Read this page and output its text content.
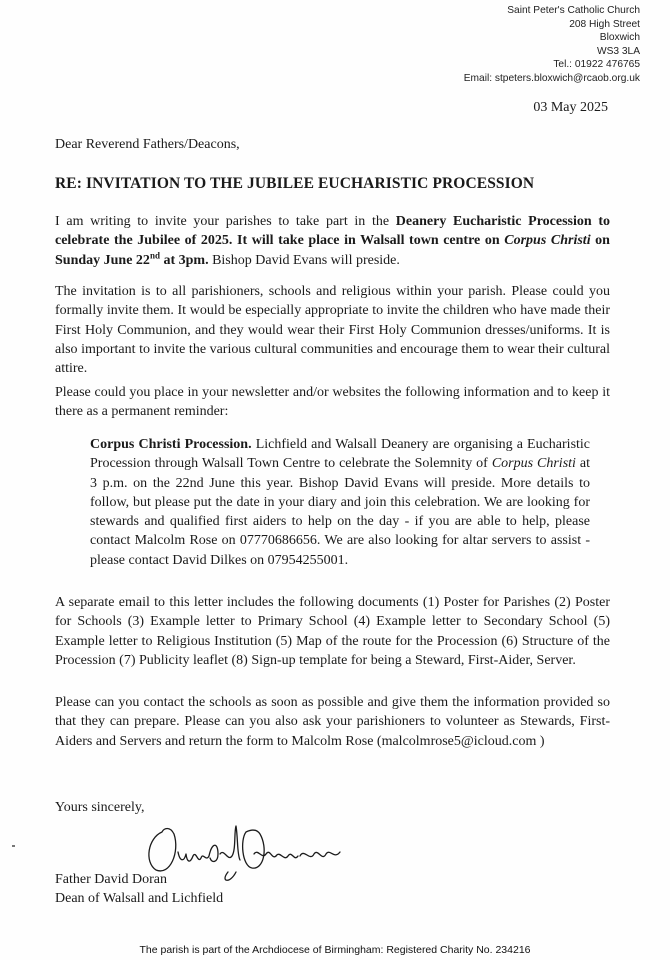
Saint Peter's Catholic Church
208 High Street
Bloxwich
WS3 3LA
Tel.: 01922 476765
Email: stpeters.bloxwich@rcaob.org.uk
03 May 2025
Dear Reverend Fathers/Deacons,
RE: INVITATION TO THE JUBILEE EUCHARISTIC PROCESSION

I am writing to invite your parishes to take part in the Deanery Eucharistic Procession to celebrate the Jubilee of 2025. It will take place in Walsall town centre on Corpus Christi on Sunday June 22nd at 3pm. Bishop David Evans will preside.

The invitation is to all parishioners, schools and religious within your parish. Please could you formally invite them. It would be especially appropriate to invite the children who have made their First Holy Communion, and they would wear their First Holy Communion dresses/uniforms. It is also important to invite the various cultural communities and encourage them to wear their cultural attire.

Please could you place in your newsletter and/or websites the following information and to keep it there as a permanent reminder:

Corpus Christi Procession. Lichfield and Walsall Deanery are organising a Eucharistic Procession through Walsall Town Centre to celebrate the Solemnity of Corpus Christi at 3 p.m. on the 22nd June this year. Bishop David Evans will preside. More details to follow, but please put the date in your diary and join this celebration. We are looking for stewards and qualified first aiders to help on the day - if you are able to help, please contact Malcolm Rose on 07770686656. We are also looking for altar servers to assist - please contact David Dilkes on 07954255001.

A separate email to this letter includes the following documents (1) Poster for Parishes (2) Poster for Schools (3) Example letter to Primary School (4) Example letter to Secondary School (5) Example letter to Religious Institution (5) Map of the route for the Procession (6) Structure of the Procession (7) Publicity leaflet (8) Sign-up template for being a Steward, First-Aider, Server.

Please can you contact the schools as soon as possible and give them the information provided so that they can prepare. Please can you also ask your parishioners to volunteer as Stewards, First-Aiders and Servers and return the form to Malcolm Rose (malcolmrose5@icloud.com )

Yours sincerely,
Father David Doran
Dean of Walsall and Lichfield
The parish is part of the Archdiocese of Birmingham: Registered Charity No. 234216
